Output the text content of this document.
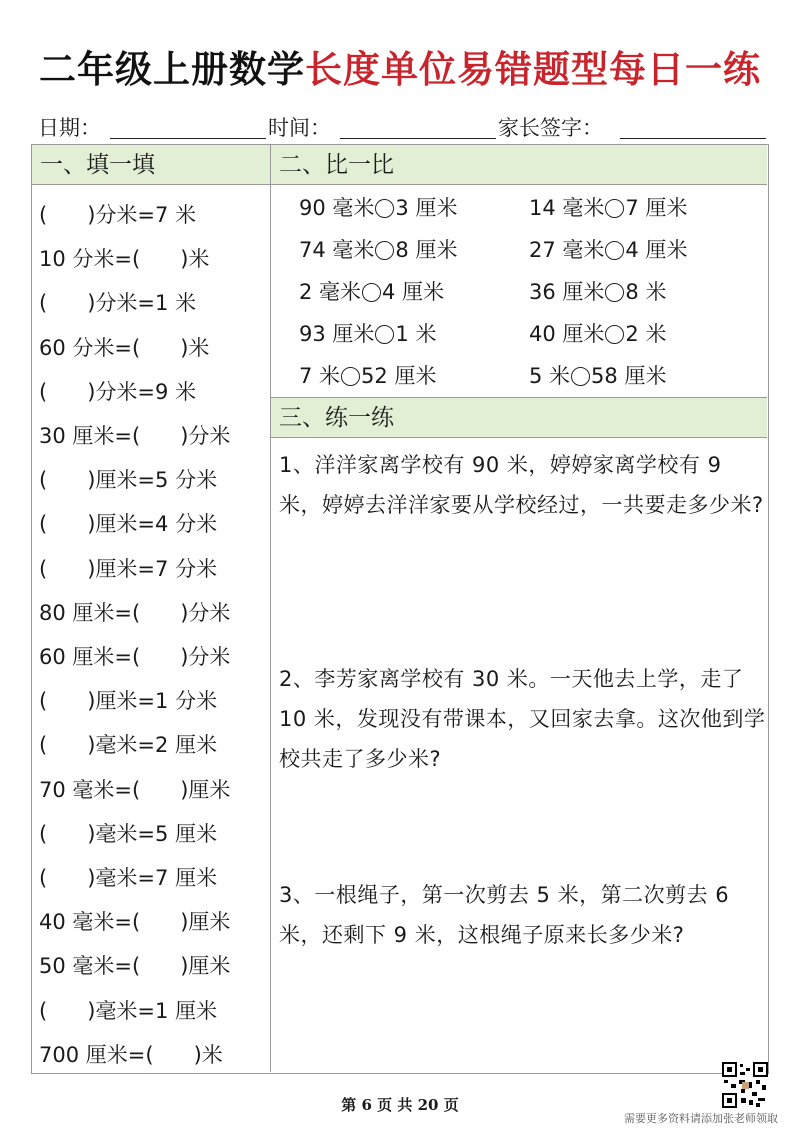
二年级上册数学长度单位易错题型每日一练
日期：	时间：	家长签字：
一、填一填
(      )分米=7 米
10 分米=(      )米
(      )分米=1 米
60 分米=(      )米
(      )分米=9 米
30 厘米=(      )分米
(      )厘米=5 分米
(      )厘米=4 分米
(      )厘米=7 分米
80 厘米=(      )分米
60 厘米=(      )分米
(      )厘米=1 分米
(      )毫米=2 厘米
70 毫米=(      )厘米
(      )毫米=5 厘米
(      )毫米=7 厘米
40 毫米=(      )厘米
50 毫米=(      )厘米
(      )毫米=1 厘米
700 厘米=(      )米
二、比一比
90 毫米 3 厘米	14 毫米 7 厘米
74 毫米 8 厘米	27 毫米 4 厘米
2 毫米 4 厘米	36 厘米 8 米
93 厘米 1 米	40 厘米 2 米
7 米 52 厘米	5 米 58 厘米
三、练一练
1、洋洋家离学校有 90 米，婷婷家离学校有 9 米，婷婷去洋洋家要从学校经过，一共要走多少米?
2、李芳家离学校有 30 米。一天他去上学，走了 10 米，发现没有带课本，又回家去拿。这次他到学校共走了多少米?
3、一根绳子，第一次剪去 5 米，第二次剪去 6 米，还剩下 9 米，这根绳子原来长多少米?
第 6 页 共 20 页
需要更多资料请添加张老师领取
